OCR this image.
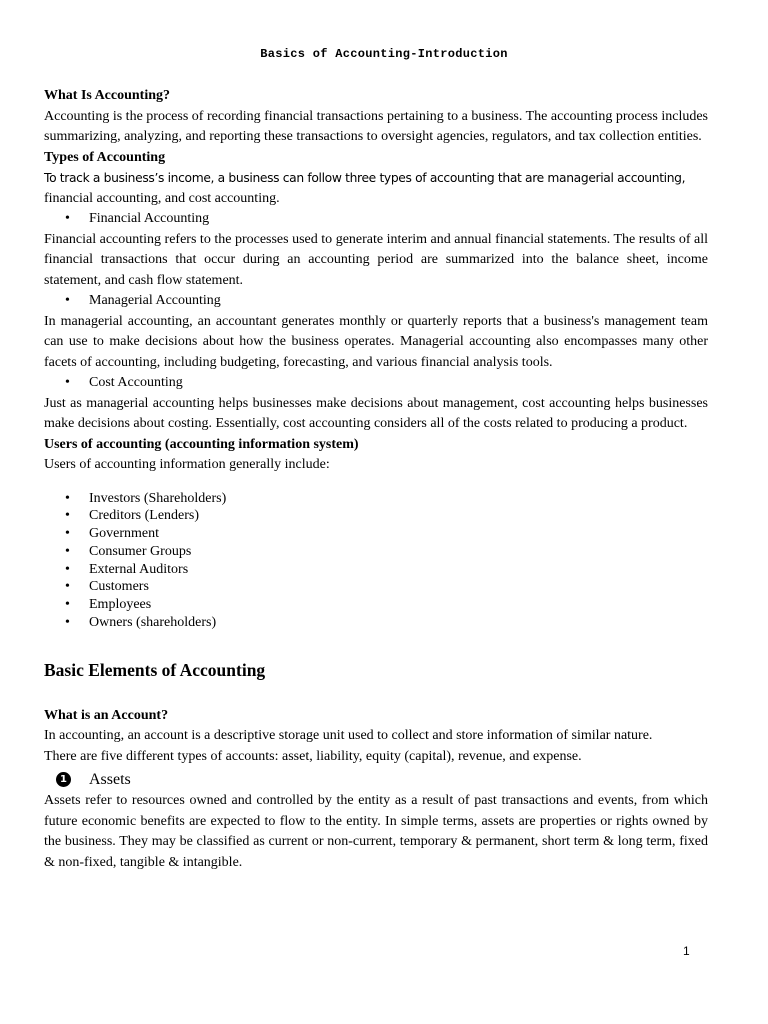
Basics of Accounting-Introduction
What Is Accounting?

Accounting is the process of recording financial transactions pertaining to a business. The accounting process includes summarizing, analyzing, and reporting these transactions to oversight agencies, regulators, and tax collection entities.

Types of Accounting
To track a business’s income, a business can follow three types of accounting that are managerial accounting,
financial accounting, and cost accounting.
• Financial Accounting

Financial accounting refers to the processes used to generate interim and annual financial statements. The results of all financial transactions that occur during an accounting period are summarized into the balance sheet, income statement, and cash flow statement.

• Managerial Accounting

In managerial accounting, an accountant generates monthly or quarterly reports that a business's management team can use to make decisions about how the business operates. Managerial accounting also encompasses many other facets of accounting, including budgeting, forecasting, and various financial analysis tools.

• Cost Accounting

Just as managerial accounting helps businesses make decisions about management, cost accounting helps businesses make decisions about costing. Essentially, cost accounting considers all of the costs related to producing a product.

Users of accounting (accounting information system)
Users of accounting information generally include:
• Investors (Shareholders)
• Creditors (Lenders)
• Government
• Consumer Groups
• External Auditors
• Customers
• Employees
• Owners (shareholders)
Basic Elements of Accounting
What is an Account?
In accounting, an account is a descriptive storage unit used to collect and store information of similar nature.
There are five different types of accounts: asset, liability, equity (capital), revenue, and expense.
1 Assets

Assets refer to resources owned and controlled by the entity as a result of past transactions and events, from which future economic benefits are expected to flow to the entity. In simple terms, assets are properties or rights owned by the business. They may be classified as current or non-current, temporary & permanent, short term & long term, fixed & non-fixed, tangible & intangible.

1
